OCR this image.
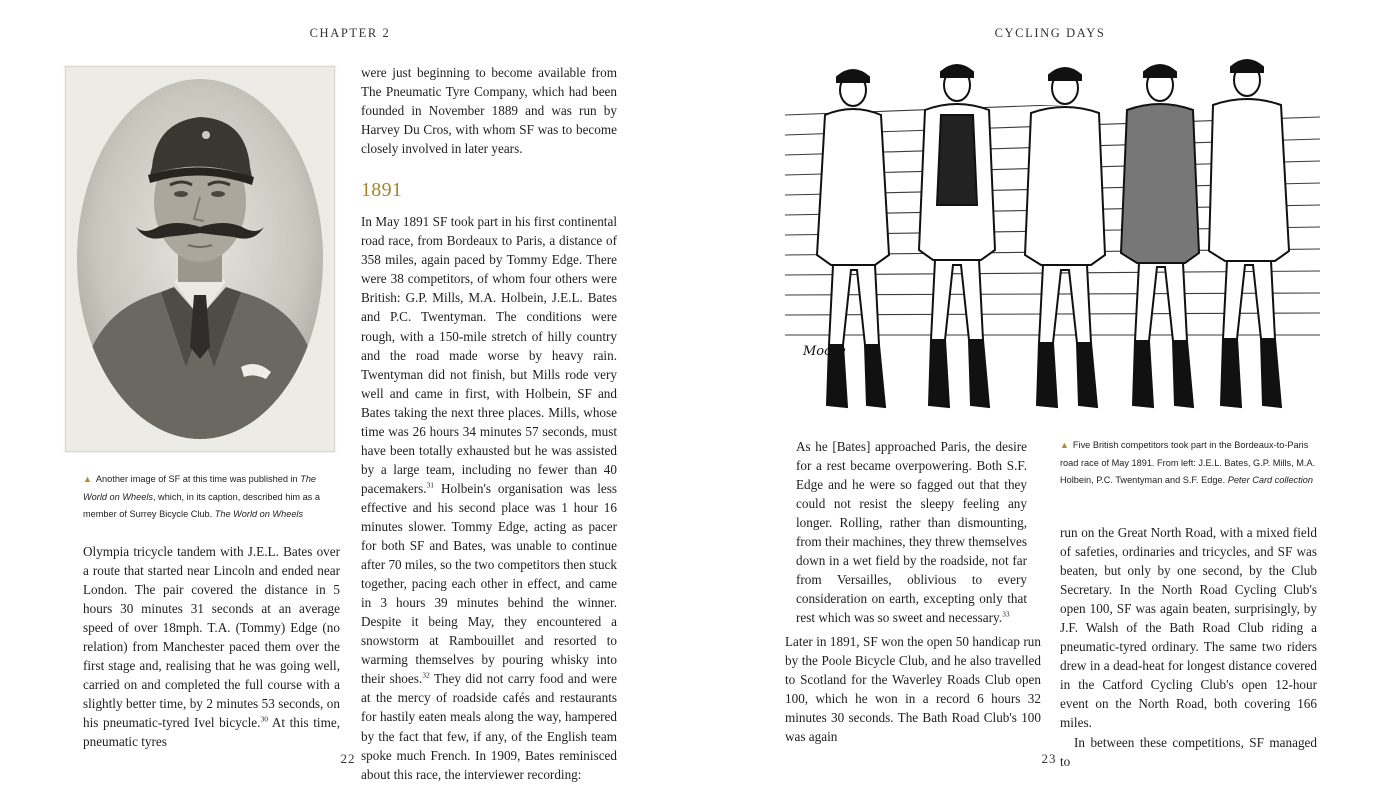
CHAPTER 2
▲ Another image of SF at this time was published in The World on Wheels, which, in its caption, described him as a member of Surrey Bicycle Club. The World on Wheels

Olympia tricycle tandem with J.E.L. Bates over a route that started near Lincoln and ended near London. The pair covered the distance in 5 hours 30 minutes 31 seconds at an average speed of over 18mph. T.A. (Tommy) Edge (no relation) from Manchester paced them over the first stage and, realising that he was going well, carried on and completed the full course with a slightly better time, by 2 minutes 53 seconds, on his pneumatic-tyred Ivel bicycle.$^{30}$ At this time, pneumatic tyres

were just beginning to become available from The Pneumatic Tyre Company, which had been founded in November 1889 and was run by Harvey Du Cros, with whom SF was to become closely involved in later years.

1891

In May 1891 SF took part in his first continental road race, from Bordeaux to Paris, a distance of 358 miles, again paced by Tommy Edge. There were 38 competitors, of whom four others were British: G.P. Mills, M.A. Holbein, J.E.L. Bates and P.C. Twentyman. The conditions were rough, with a 150-mile stretch of hilly country and the road made worse by heavy rain. Twentyman did not finish, but Mills rode very well and came in first, with Holbein, SF and Bates taking the next three places. Mills, whose time was 26 hours 34 minutes 57 seconds, must have been totally exhausted but he was assisted by a large team, including no fewer than 40 pacemakers.$^{31}$ Holbein's organisation was less effective and his second place was 1 hour 16 minutes slower. Tommy Edge, acting as pacer for both SF and Bates, was unable to continue after 70 miles, so the two competitors then stuck together, pacing each other in effect, and came in 3 hours 39 minutes behind the winner. Despite it being May, they encountered a snowstorm at Rambouillet and resorted to warming themselves by pouring whisky into their shoes.$^{32}$ They did not carry food and were at the mercy of roadside cafés and restaurants for hastily eaten meals along the way, hampered by the fact that few, if any, of the English team spoke much French. In 1909, Bates reminisced about this race, the interviewer recording:

22
CYCLING DAYS
23
Moore

As he [Bates] approached Paris, the desire for a rest became overpowering. Both S.F. Edge and he were so fagged out that they could not resist the sleepy feeling any longer. Rolling, rather than dismounting, from their machines, they threw themselves down in a wet field by the roadside, not far from Versailles, oblivious to every consideration on earth, excepting only that rest which was so sweet and necessary.$^{33}$

Later in 1891, SF won the open 50 handicap run by the Poole Bicycle Club, and he also travelled to Scotland for the Waverley Roads Club open 100, which he won in a record 6 hours 32 minutes 30 seconds. The Bath Road Club's 100 was again

▲ Five British competitors took part in the Bordeaux-to-Paris road race of May 1891. From left: J.E.L. Bates, G.P. Mills, M.A. Holbein, P.C. Twentyman and S.F. Edge. Peter Card collection

run on the Great North Road, with a mixed field of safeties, ordinaries and tricycles, and SF was beaten, but only by one second, by the Club Secretary. In the North Road Cycling Club's open 100, SF was again beaten, surprisingly, by J.F. Walsh of the Bath Road Club riding a pneumatic-tyred ordinary. The same two riders drew in a dead-heat for longest distance covered in the Catford Cycling Club's open 12-hour event on the North Road, both covering 166 miles.

In between these competitions, SF managed to
